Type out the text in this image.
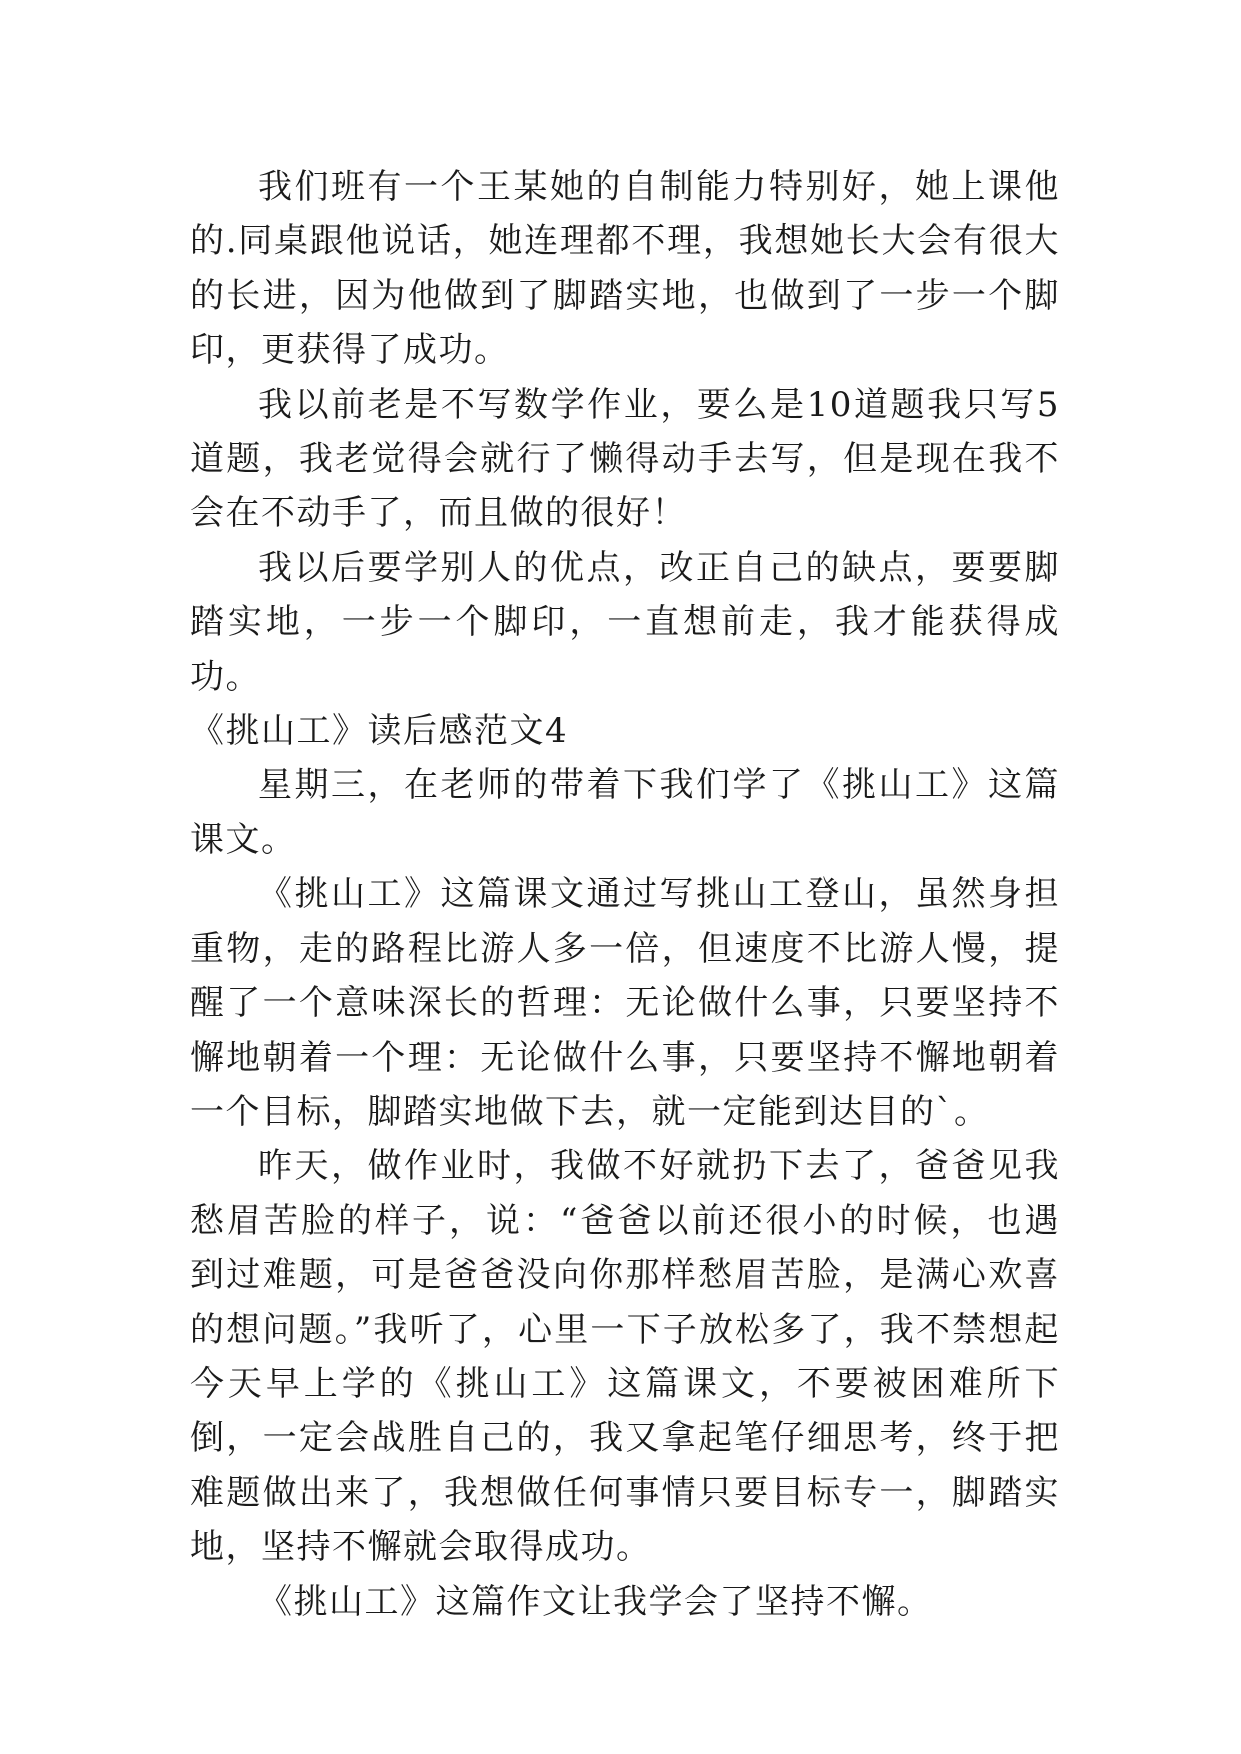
我们班有一个王某她的自制能力特别好，她上课他的.同桌跟他说话，她连理都不理，我想她长大会有很大的长进，因为他做到了脚踏实地，也做到了一步一个脚印，更获得了成功。

我以前老是不写数学作业，要么是10道题我只写5道题，我老觉得会就行了懒得动手去写，但是现在我不会在不动手了，而且做的很好！

我以后要学别人的优点，改正自己的缺点，要要脚踏实地，一步一个脚印，一直想前走，我才能获得成功。

《挑山工》读后感范文4

星期三，在老师的带着下我们学了《挑山工》这篇课文。

《挑山工》这篇课文通过写挑山工登山，虽然身担重物，走的路程比游人多一倍，但速度不比游人慢，提醒了一个意味深长的哲理：无论做什么事，只要坚持不懈地朝着一个理：无论做什么事，只要坚持不懈地朝着一个目标，脚踏实地做下去，就一定能到达目的`。

昨天，做作业时，我做不好就扔下去了，爸爸见我愁眉苦脸的样子，说：“爸爸以前还很小的时候，也遇到过难题，可是爸爸没向你那样愁眉苦脸，是满心欢喜的想问题。”我听了，心里一下子放松多了，我不禁想起今天早上学的《挑山工》这篇课文，不要被困难所下倒，一定会战胜自己的，我又拿起笔仔细思考，终于把难题做出来了，我想做任何事情只要目标专一，脚踏实地，坚持不懈就会取得成功。

《挑山工》这篇作文让我学会了坚持不懈。
